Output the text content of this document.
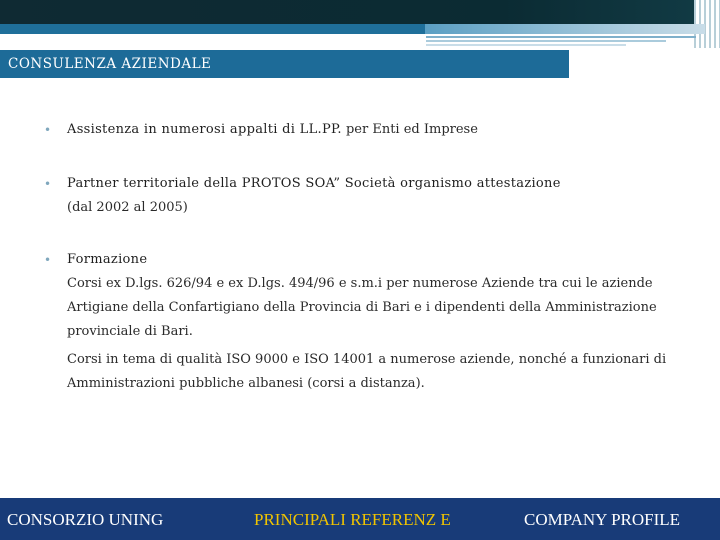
CONSULENZA AZIENDALE
• Assistenza in numerosi appalti di LL.PP. per Enti ed Imprese
• Partner territoriale della PROTOS SOA” Società organismo attestazione
(dal 2002 al 2005)
• Formazione

Corsi ex D.lgs. 626/94 e ex D.lgs. 494/96 e s.m.i per numerose Aziende tra cui le aziende Artigiane della Confartigiano della Provincia di Bari e i dipendenti della Amministrazione provinciale di Bari.

Corsi in tema di qualità ISO 9000 e ISO 14001 a numerose aziende, nonché a funzionari di Amministrazioni pubbliche albanesi (corsi a distanza).

CONSORZIO UNING	PRINCIPALI REFERENZ E	COMPANY PROFILE
